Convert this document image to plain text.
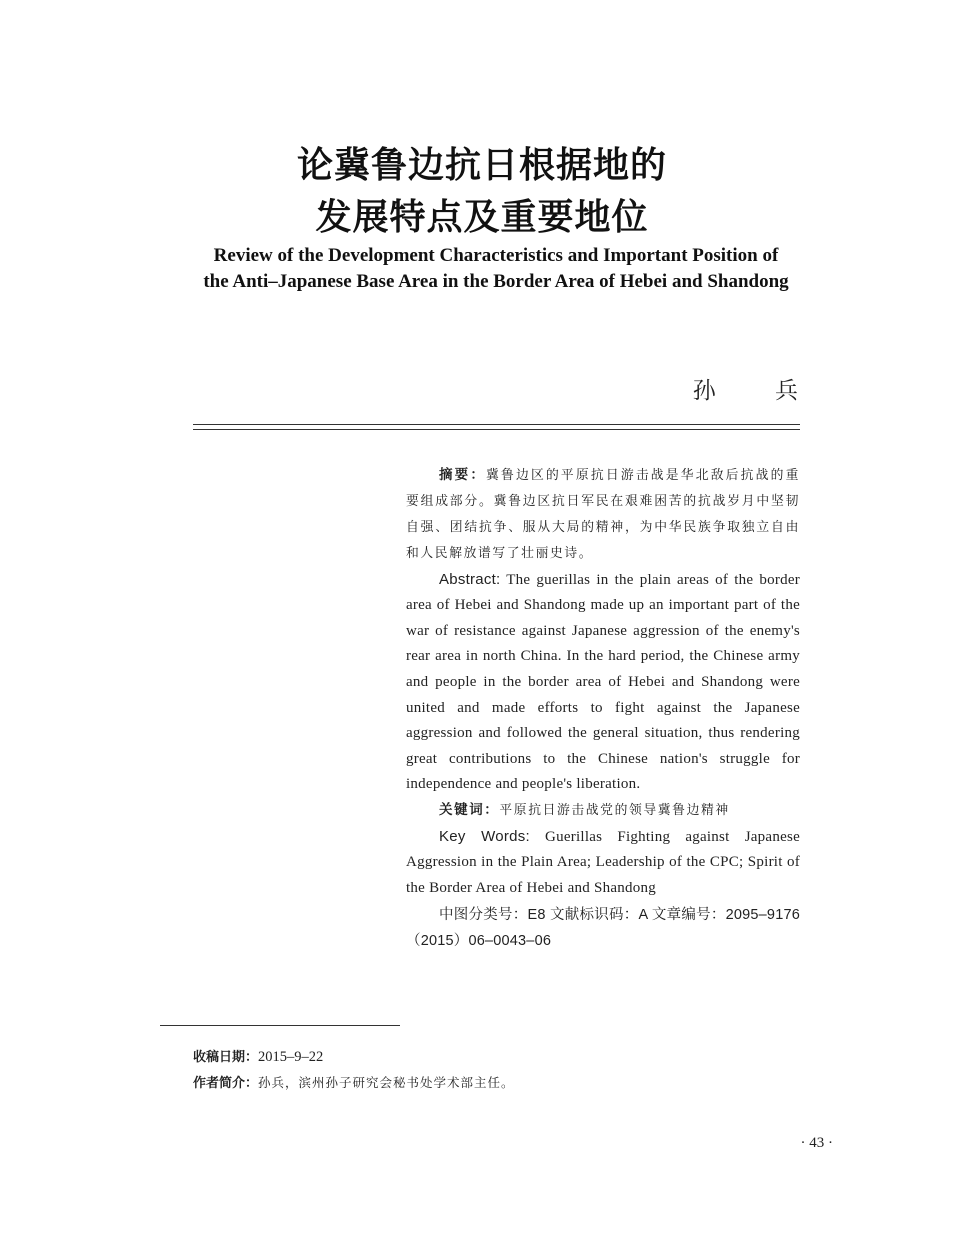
论冀鲁边抗日根据地的
发展特点及重要地位
Review of the Development Characteristics and Important Position of
the Anti–Japanese Base Area in the Border Area of Hebei and Shandong
孙 兵

摘要：冀鲁边区的平原抗日游击战是华北敌后抗战的重要组成部分。冀鲁边区抗日军民在艰难困苦的抗战岁月中坚韧自强、团结抗争、服从大局的精神，为中华民族争取独立自由和人民解放谱写了壮丽史诗。

Abstract: The guerillas in the plain areas of the border area of Hebei and Shandong made up an important part of the war of resistance against Japanese aggression of the enemy's rear area in north China. In the hard period, the Chinese army and people in the border area of Hebei and Shandong were united and made efforts to fight against the Japanese aggression and followed the general situation, thus rendering great contributions to the Chinese nation's struggle for independence and people's liberation.

关键词：平原抗日游击战党的领导冀鲁边精神

Key Words: Guerillas Fighting against Japanese Aggression in the Plain Area; Leadership of the CPC; Spirit of the Border Area of Hebei and Shandong

中图分类号：E8 文献标识码：A 文章编号：2095–9176（2015）06–0043–06

收稿日期：2015–9–22
作者简介：孙兵，滨州孙子研究会秘书处学术部主任。
· 43 ·
